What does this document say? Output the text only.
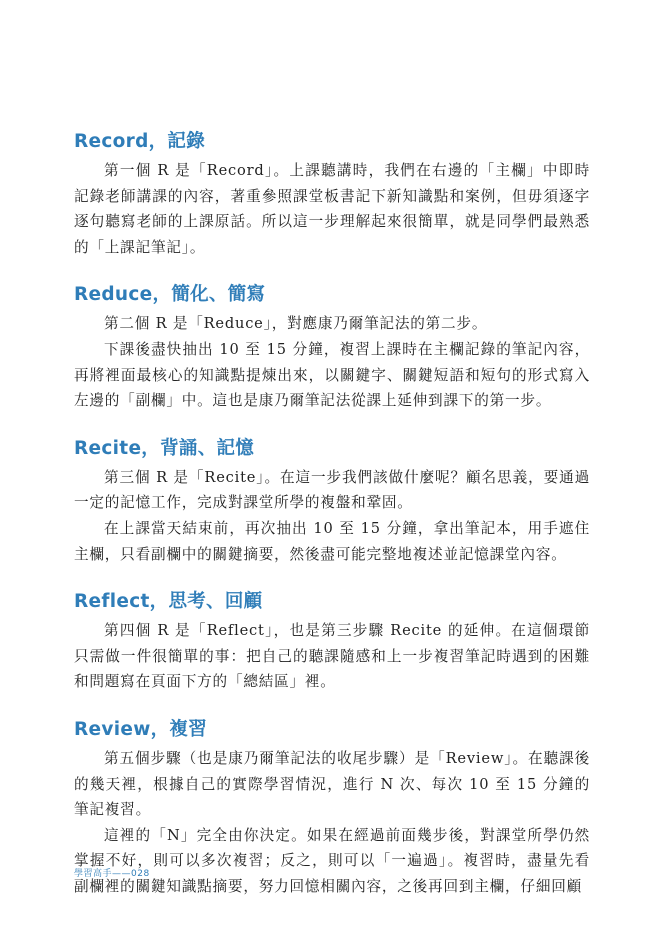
Record，記錄

第一個 R 是「Record」。上課聽講時，我們在右邊的「主欄」中即時記錄老師講課的內容，著重參照課堂板書記下新知識點和案例，但毋須逐字逐句聽寫老師的上課原話。所以這一步理解起來很簡單，就是同學們最熟悉的「上課記筆記」。

Reduce，簡化、簡寫

第二個 R 是「Reduce」，對應康乃爾筆記法的第二步。

下課後盡快抽出 10 至 15 分鐘，複習上課時在主欄記錄的筆記內容，再將裡面最核心的知識點提煉出來，以關鍵字、關鍵短語和短句的形式寫入左邊的「副欄」中。這也是康乃爾筆記法從課上延伸到課下的第一步。

Recite，背誦、記憶

第三個 R 是「Recite」。在這一步我們該做什麼呢？顧名思義，要通過一定的記憶工作，完成對課堂所學的複盤和鞏固。

在上課當天結束前，再次抽出 10 至 15 分鐘，拿出筆記本，用手遮住主欄，只看副欄中的關鍵摘要，然後盡可能完整地複述並記憶課堂內容。

Reflect，思考、回顧

第四個 R 是「Reflect」，也是第三步驟 Recite 的延伸。在這個環節只需做一件很簡單的事：把自己的聽課隨感和上一步複習筆記時遇到的困難和問題寫在頁面下方的「總結區」裡。

Review，複習

第五個步驟（也是康乃爾筆記法的收尾步驟）是「Review」。在聽課後的幾天裡，根據自己的實際學習情況，進行 N 次、每次 10 至 15 分鐘的筆記複習。

這裡的「N」完全由你決定。如果在經過前面幾步後，對課堂所學仍然掌握不好，則可以多次複習；反之，則可以「一遍過」。複習時，盡量先看副欄裡的關鍵知識點摘要，努力回憶相關內容，之後再回到主欄，仔細回顧

學習高手——028
